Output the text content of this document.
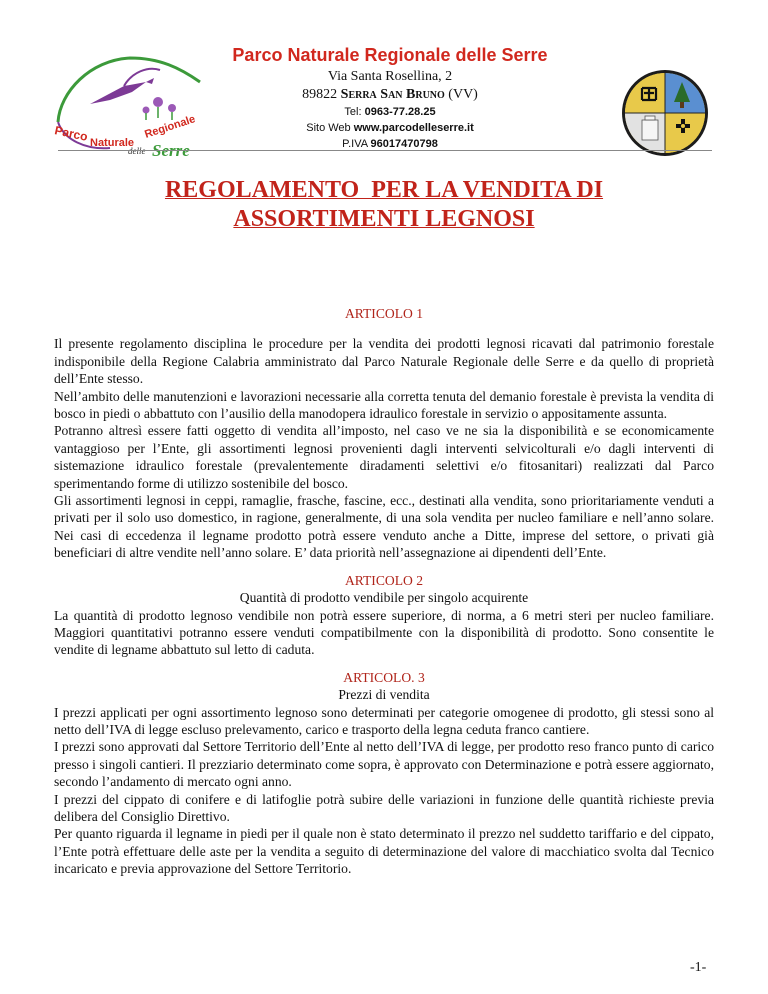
Parco Naturale
Regionale
delle Serre
Parco Naturale Regionale delle Serre
Via Santa Rosellina, 2
89822 Serra San Bruno (VV)
Tel: 0963-77.28.25
Sito Web www.parcodelleserre.it
P.IVA 96017470798
REGOLAMENTO  PER LA VENDITA DI
ASSORTIMENTI LEGNOSI
ARTICOLO 1

Il presente regolamento disciplina le procedure per la vendita dei prodotti legnosi ricavati dal patrimonio forestale indisponibile della Regione Calabria amministrato dal Parco Naturale Regionale delle Serre e da quello di proprietà dell’Ente stesso.

Nell’ambito delle manutenzioni e lavorazioni necessarie alla corretta tenuta del demanio forestale è prevista la vendita di bosco in piedi o abbattuto con l’ausilio della manodopera idraulico forestale in servizio o appositamente assunta.

Potranno altresì essere fatti oggetto di vendita all’imposto, nel caso ve ne sia la disponibilità e se economicamente vantaggioso per l’Ente, gli assortimenti legnosi provenienti dagli interventi selvicolturali e/o dagli interventi di sistemazione idraulico forestale (prevalentemente diradamenti selettivi e/o fitosanitari) realizzati dal Parco sperimentando forme di utilizzo sostenibile del bosco.

Gli assortimenti legnosi in ceppi, ramaglie, frasche, fascine, ecc., destinati alla vendita, sono prioritariamente venduti a privati per il solo uso domestico, in ragione, generalmente, di una sola vendita per nucleo familiare e nell’anno solare. Nei casi di eccedenza il legname prodotto potrà essere venduto anche a Ditte, imprese del settore, o privati già beneficiari di altre vendite nell’anno solare. E’ data priorità nell’assegnazione ai dipendenti dell’Ente.

ARTICOLO 2
Quantità di prodotto vendibile per singolo acquirente

La quantità di prodotto legnoso vendibile non potrà essere superiore, di norma, a 6 metri steri per nucleo familiare. Maggiori quantitativi potranno essere venduti compatibilmente con la disponibilità di prodotto. Sono consentite le vendite di legname abbattuto sul letto di caduta.

ARTICOLO. 3
Prezzi di vendita

I prezzi applicati per ogni assortimento legnoso sono determinati per categorie omogenee di prodotto, gli stessi sono al netto dell’IVA di legge escluso prelevamento, carico e trasporto della legna ceduta franco cantiere.

I prezzi sono approvati dal Settore Territorio dell’Ente al netto dell’IVA di legge, per prodotto reso franco punto di carico presso i singoli cantieri. Il prezziario determinato come sopra, è approvato con Determinazione e potrà essere aggiornato, secondo l’andamento di mercato ogni anno.

I prezzi del cippato di conifere e di latifoglie potrà subire delle variazioni in funzione delle quantità richieste previa delibera del Consiglio Direttivo.

Per quanto riguarda il legname in piedi per il quale non è stato determinato il prezzo nel suddetto tariffario e del cippato, l’Ente potrà effettuare delle aste per la vendita a seguito di determinazione del valore di macchiatico svolta dal Tecnico incaricato e previa approvazione del Settore Territorio.

-1-
